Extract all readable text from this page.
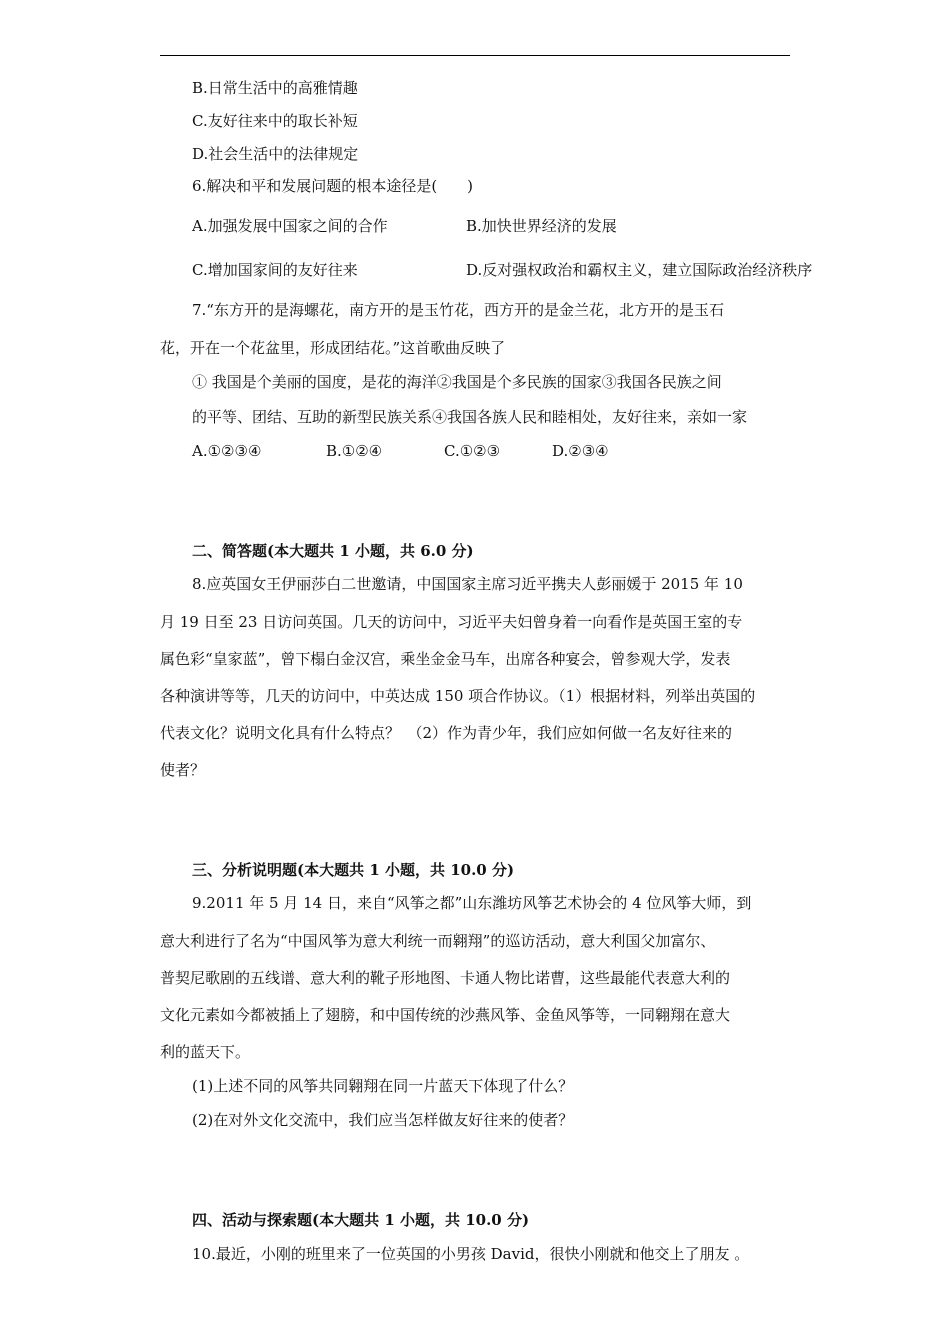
B.日常生活中的高雅情趣
C.友好往来中的取长补短
D.社会生活中的法律规定
6.解决和平和发展问题的根本途径是(　　)
A.加强发展中国家之间的合作	B.加快世界经济的发展
C.增加国家间的友好往来	D.反对强权政治和霸权主义，建立国际政治经济秩序
7.“东方开的是海螺花，南方开的是玉竹花，西方开的是金兰花，北方开的是玉石
花，开在一个花盆里，形成团结花。”这首歌曲反映了
① 我国是个美丽的国度，是花的海洋②我国是个多民族的国家③我国各民族之间
的平等、团结、互助的新型民族关系④我国各族人民和睦相处，友好往来，亲如一家
A.①②③④	B.①②④	C.①②③	D.②③④
二、简答题(本大题共 1 小题，共 6.0 分)
8.应英国女王伊丽莎白二世邀请，中国国家主席习近平携夫人彭丽媛于 2015 年 10
月 19 日至 23 日访问英国。几天的访问中，习近平夫妇曾身着一向看作是英国王室的专
属色彩“皇家蓝”，曾下榻白金汉宫，乘坐金金马车，出席各种宴会，曾参观大学，发表
各种演讲等等，几天的访问中，中英达成 150 项合作协议。（1）根据材料，列举出英国的
代表文化？说明文化具有什么特点？　（2）作为青少年，我们应如何做一名友好往来的
使者？
三、分析说明题(本大题共 1 小题，共 10.0 分)
9.2011 年 5 月 14 日，来自“风筝之都”山东潍坊风筝艺术协会的 4 位风筝大师，到
意大利进行了名为“中国风筝为意大利统一而翱翔”的巡访活动，意大利国父加富尔、
普契尼歌剧的五线谱、意大利的靴子形地图、卡通人物比诺曹，这些最能代表意大利的
文化元素如今都被插上了翅膀，和中国传统的沙燕风筝、金鱼风筝等，一同翱翔在意大
利的蓝天下。
(1)上述不同的风筝共同翱翔在同一片蓝天下体现了什么？
(2)在对外文化交流中，我们应当怎样做友好往来的使者？
四、活动与探索题(本大题共 1 小题，共 10.0 分)
10.最近，小刚的班里来了一位英国的小男孩 David，很快小刚就和他交上了朋友 。
